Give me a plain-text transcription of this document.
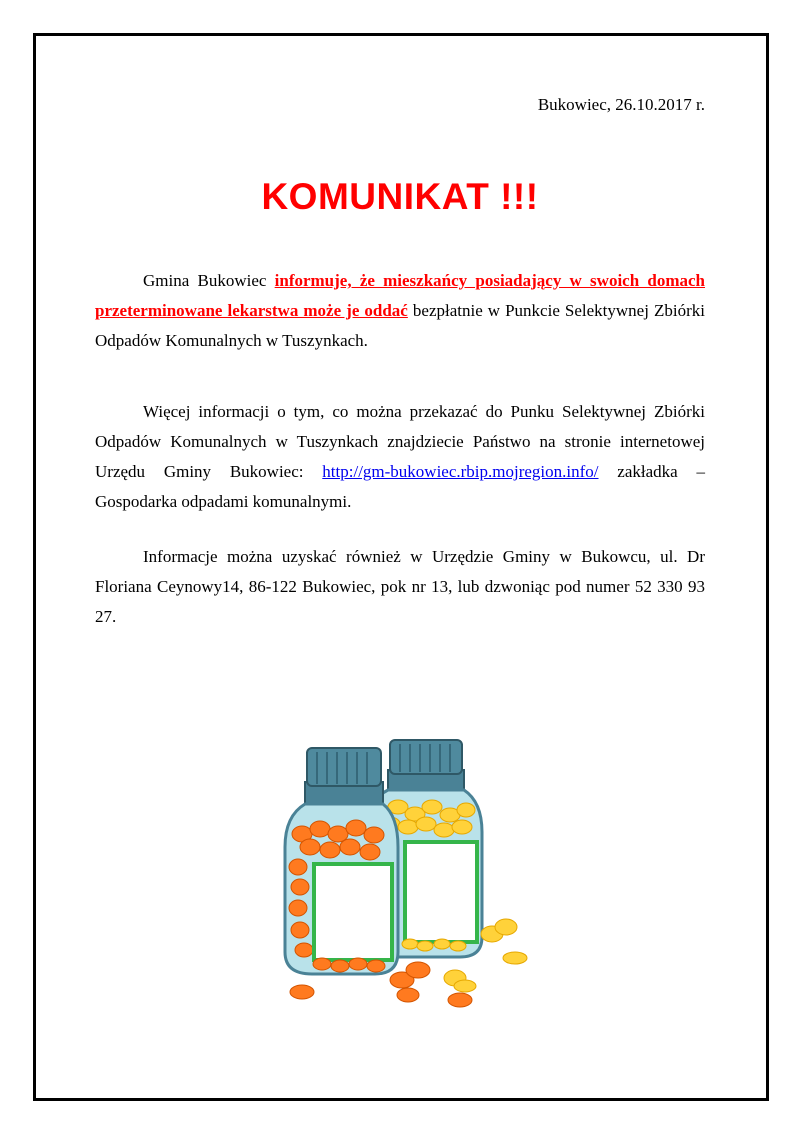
Bukowiec, 26.10.2017 r.
KOMUNIKAT !!!

Gmina Bukowiec informuje, że mieszkańcy posiadający w swoich domach przeterminowane lekarstwa może je oddać bezpłatnie w Punkcie Selektywnej Zbiórki Odpadów Komunalnych w Tuszynkach.

Więcej informacji o tym, co można przekazać do Punku Selektywnej Zbiórki Odpadów Komunalnych w Tuszynkach znajdziecie Państwo na stronie internetowej Urzędu Gminy Bukowiec: http://gm-bukowiec.rbip.mojregion.info/ zakładka – Gospodarka odpadami komunalnymi.

Informacje można uzyskać również w Urzędzie Gminy w Bukowcu, ul. Dr Floriana Ceynowy14, 86-122 Bukowiec, pok nr 13, lub dzwoniąc pod numer 52 330 93 27.
